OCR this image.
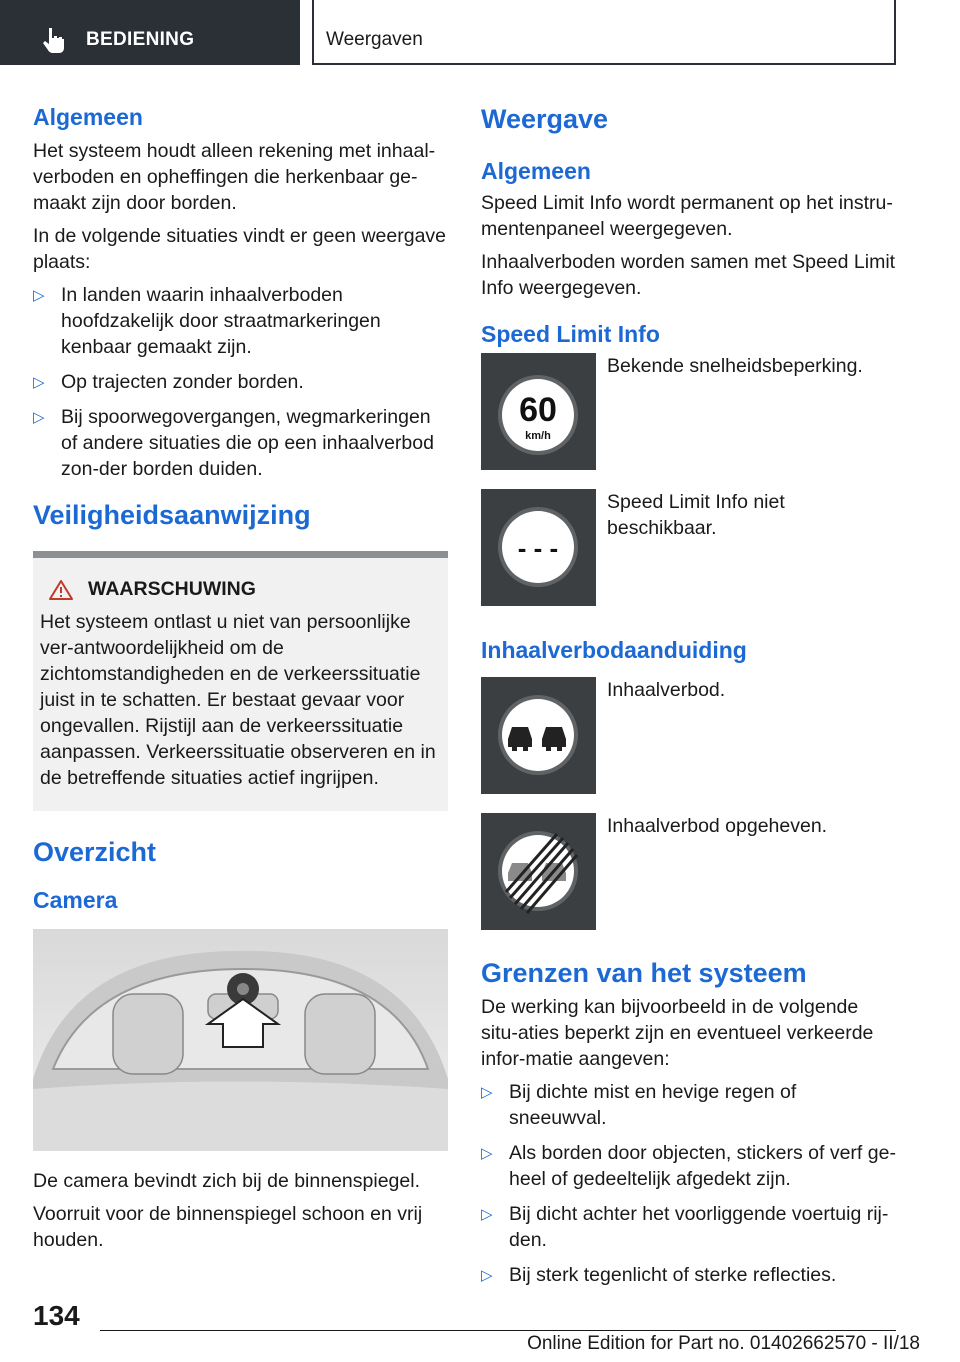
BEDIENING	Weergaven
Algemeen

Het systeem houdt alleen rekening met inhaal-verboden en opheffingen die herkenbaar ge-maakt zijn door borden.

In de volgende situaties vindt er geen weergave plaats:

▷ In landen waarin inhaalverboden hoofdzakelijk door straatmarkeringen kenbaar gemaakt zijn.
▷ Op trajecten zonder borden.
▷ Bij spoorwegovergangen, wegmarkeringen of andere situaties die op een inhaalverbod zon-der borden duiden.
Veiligheidsaanwijzing
WAARSCHUWING

Het systeem ontlast u niet van persoonlijke ver-antwoordelijkheid om de zichtomstandigheden en de verkeerssituatie juist in te schatten. Er bestaat gevaar voor ongevallen. Rijstijl aan de verkeerssituatie aanpassen. Verkeerssituatie observeren en in de betreffende situaties actief ingrijpen.

Overzicht
Camera

De camera bevindt zich bij de binnenspiegel.

Voorruit voor de binnenspiegel schoon en vrij houden.

Weergave
Algemeen

Speed Limit Info wordt permanent op het instru-mentenpaneel weergegeven.

Inhaalverboden worden samen met Speed Limit Info weergegeven.

Speed Limit Info
60
km/h
Bekende snelheidsbeperking.
- - -
Speed Limit Info niet beschikbaar.
Inhaalverbodaanduiding
Inhaalverbod.
Inhaalverbod opgeheven.
Grenzen van het systeem

De werking kan bijvoorbeeld in de volgende situ-aties beperkt zijn en eventueel verkeerde infor-matie aangeven:

▷ Bij dichte mist en hevige regen of sneeuwval.
▷ Als borden door objecten, stickers of verf ge-heel of gedeeltelijk afgedekt zijn.
▷ Bij dicht achter het voorliggende voertuig rij-den.
▷ Bij sterk tegenlicht of sterke reflecties.
134
Online Edition for Part no. 01402662570 - II/18
